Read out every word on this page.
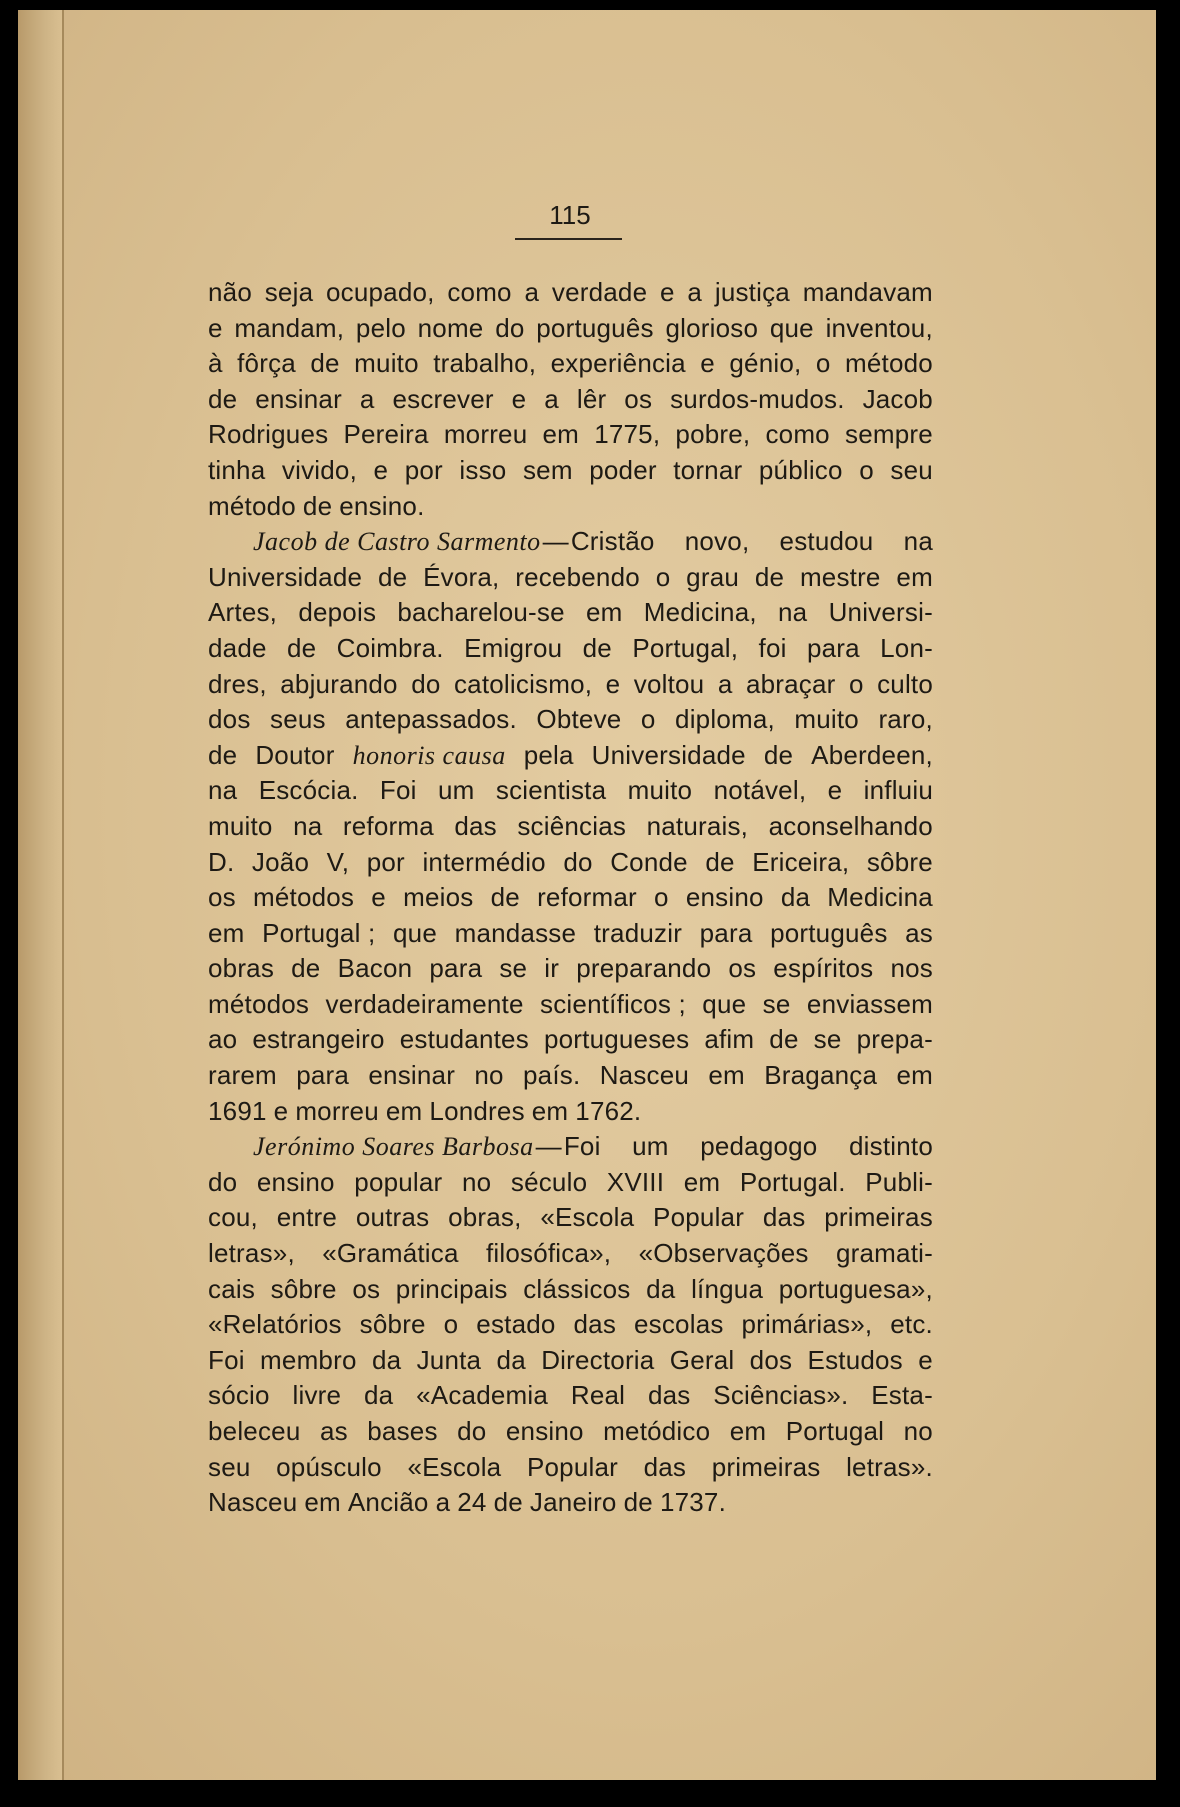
115
não seja ocupado, como a verdade e a justiça mandavam
e mandam, pelo nome do português glorioso que inventou,
à fôrça de muito trabalho, experiência e génio, o método
de ensinar a escrever e a lêr os surdos-mudos. Jacob
Rodrigues Pereira morreu em 1775, pobre, como sempre
tinha vivido, e por isso sem poder tornar público o seu
método de ensino.
Jacob de Castro Sarmento—Cristão novo, estudou na
Universidade de Évora, recebendo o grau de mestre em
Artes, depois bacharelou-se em Medicina, na Universi-
dade de Coimbra. Emigrou de Portugal, foi para Lon-
dres, abjurando do catolicismo, e voltou a abraçar o culto
dos seus antepassados. Obteve o diploma, muito raro,
de Doutor honoris causa pela Universidade de Aberdeen,
na Escócia. Foi um scientista muito notável, e influiu
muito na reforma das sciências naturais, aconselhando
D. João V, por intermédio do Conde de Ericeira, sôbre
os métodos e meios de reformar o ensino da Medicina
em Portugal ; que mandasse traduzir para português as
obras de Bacon para se ir preparando os espíritos nos
métodos verdadeiramente scientíficos ; que se enviassem
ao estrangeiro estudantes portugueses afim de se prepa-
rarem para ensinar no país. Nasceu em Bragança em
1691 e morreu em Londres em 1762.
Jerónimo Soares Barbosa—Foi um pedagogo distinto
do ensino popular no século XVIII em Portugal. Publi-
cou, entre outras obras, «Escola Popular das primeiras
letras», «Gramática filosófica», «Observações gramati-
cais sôbre os principais clássicos da língua portuguesa»,
«Relatórios sôbre o estado das escolas primárias», etc.
Foi membro da Junta da Directoria Geral dos Estudos e
sócio livre da «Academia Real das Sciências». Esta-
beleceu as bases do ensino metódico em Portugal no
seu opúsculo «Escola Popular das primeiras letras».
Nasceu em Ancião a 24 de Janeiro de 1737.
